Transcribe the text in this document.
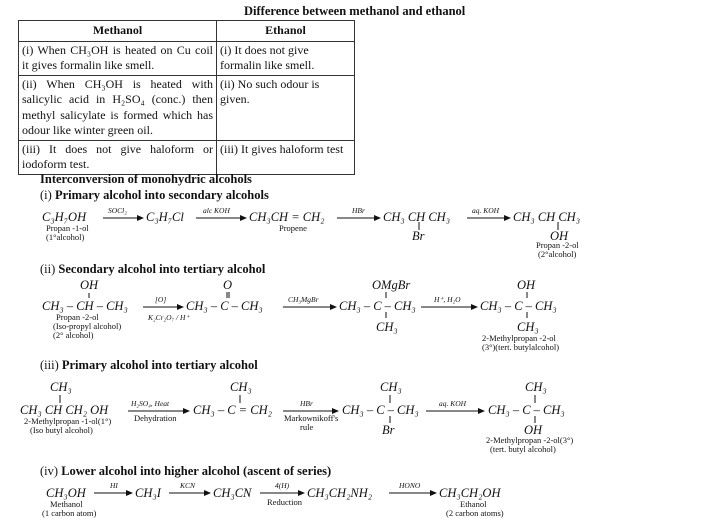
Difference between methanol and ethanol
Methanol	Ethanol
(i) When CH₃OH is heated on Cu coil it gives formalin like smell.	(i) It does not give formalin like smell.
(ii) When CH₃OH is heated with salicylic acid in H₂SO₄ (conc.) then methyl salicylate is formed which has odour like winter green oil.	(ii) No such odour is given.
(iii) It does not give haloform or iodoform test.	(iii) It gives haloform test
Interconversion of monohydric alcohols
(i) Primary alcohol into secondary alcohols
(ii) Secondary alcohol into tertiary alcohol
(iii) Primary alcohol into tertiary alcohol
(iv) Lower alcohol into higher alcohol (ascent of series)
C₃H₇OH	SOCl₂ C₃H₇Cl	alc KOH CH₃CH = CH₂	HBr CH₃ CH CH₃
Br
aq. KOH CH₃ CH CH₃
OH
Propan -1-ol
(1°alcohol)
Propene
Propan -2-ol
(2°alcohol)
OH
CH₃ – CH – CH₃	[O]
K₂Cr₂O₇ / H⁺
O
CH₃ – C – CH₃	CH₃MgBr
OMgBr
CH₃ – C – CH₃
CH₃
H⁺, H₂O
OH
CH₃ – C – CH₃
CH₃
Propan -2-ol
(Iso-propyl alcohol)
(2° alcohol)	2-Methylpropan -2-ol
(3°)(tert. butylalcohol)
CH₃
CH₃ CH CH₂ OH	H₂SO₄, Heat
Dehydration
CH₃
CH₃ – C = CH₂	HBr
Markownikoff's
rule
CH₃
CH₃ – C – CH₃
Br
aq. KOH
CH₃
CH₃ – C – CH₃
OH
2-Methylpropan -1-ol(1°)
(Iso butyl alcohol)
2-Methylpropan -2-ol(3°)
(tert. butyl alcohol)
CH₃OH
HI
CH₃I
KCN
CH₃CN
4(H)
Reduction
CH₃CH₂NH₂
HONO
CH₃CH₂OH
Methanol
(1 carbon atom)
Ethanol
(2 carbon atoms)
